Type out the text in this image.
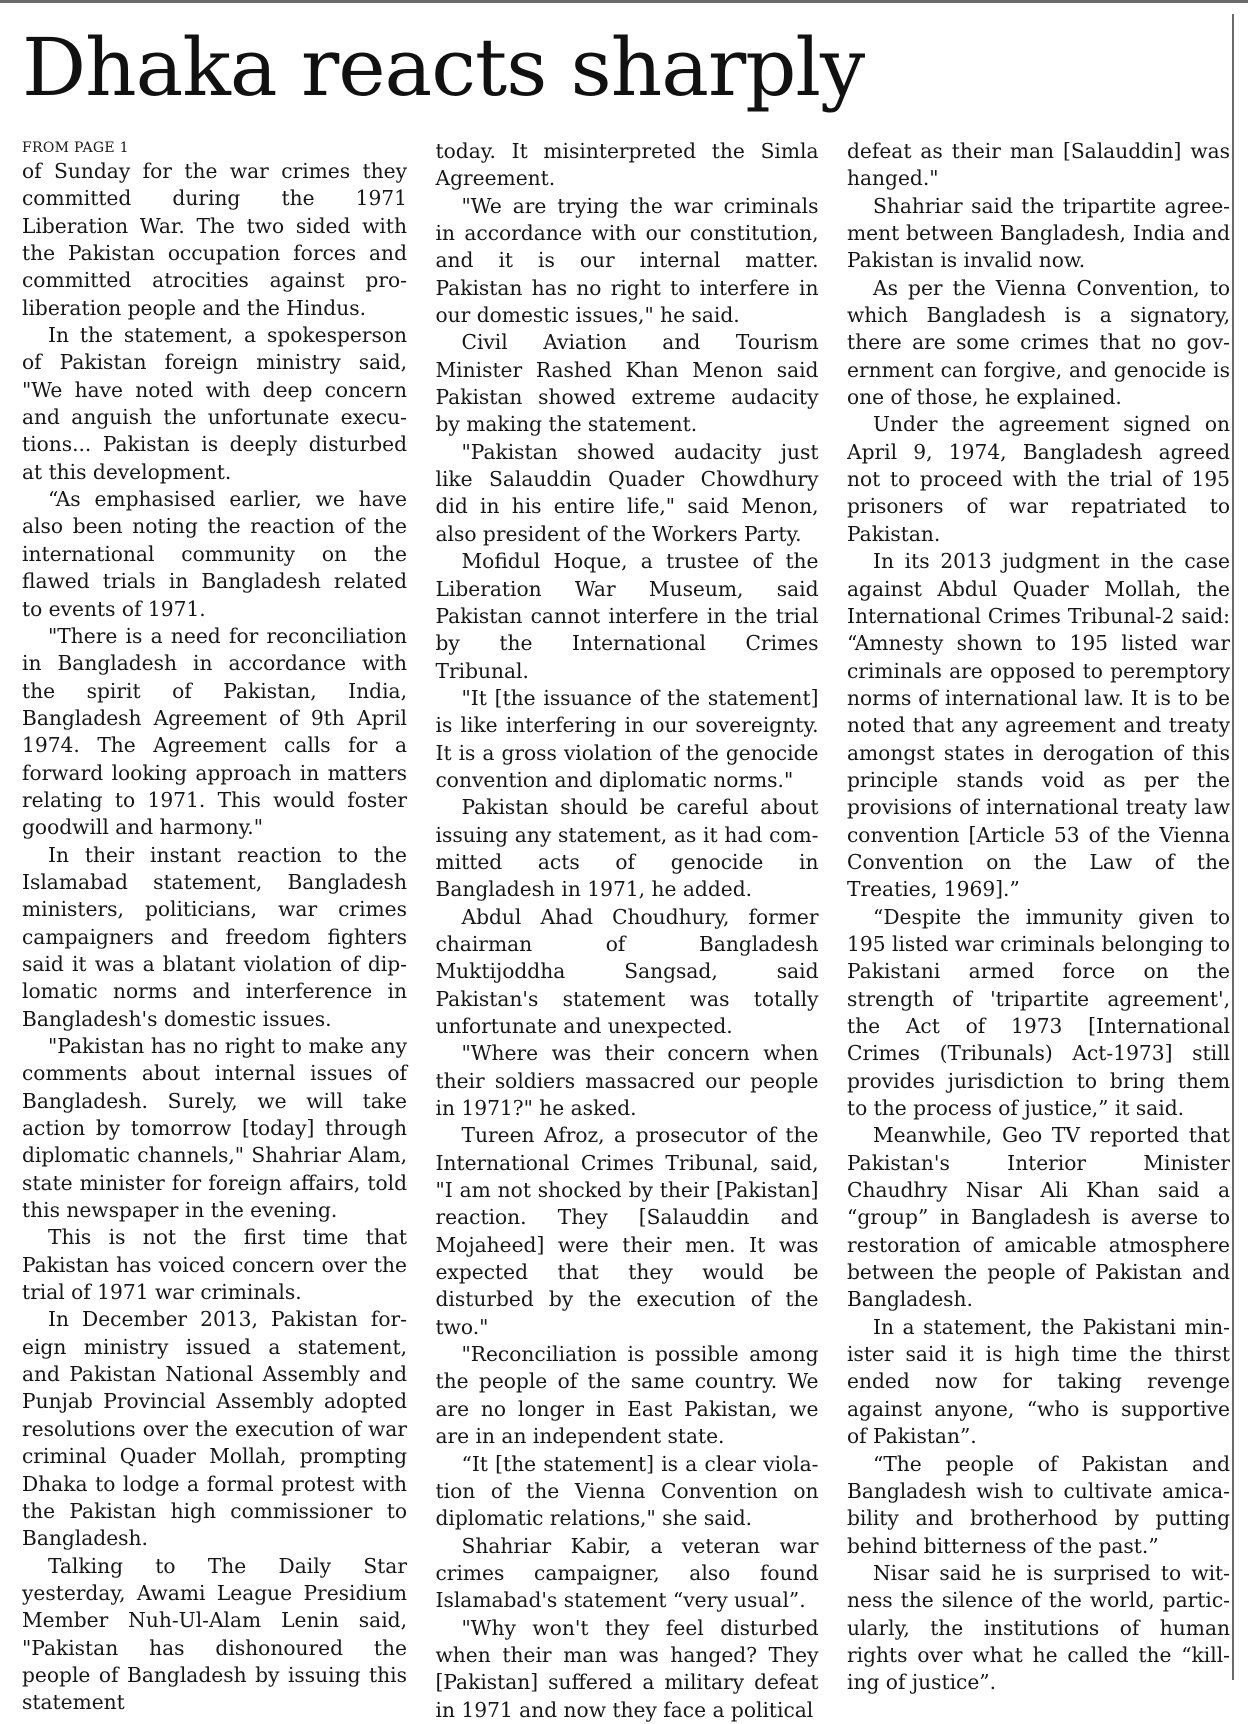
Dhaka reacts sharply
FROM PAGE 1

of Sunday for the war crimes they committed during the 1971 Liberation War. The two sided with the Pakistan occupation forces and committed atrocities against proliberation people and the Hindus.

In the statement, a spokesperson of Pakistan foreign ministry said, "We have noted with deep concern and anguish the unfortunate executions... Pakistan is deeply disturbed at this development.

“As emphasised earlier, we have also been noting the reaction of the international community on the flawed trials in Bangladesh related to events of 1971.

"There is a need for reconciliation in Bangladesh in accordance with the spirit of Pakistan, India, Bangladesh Agreement of 9th April 1974. The Agreement calls for a forward looking approach in matters relating to 1971. This would foster goodwill and harmony."

In their instant reaction to the Islamabad statement, Bangladesh ministers, politicians, war crimes campaigners and freedom fighters said it was a blatant violation of diplomatic norms and interference in Bangladesh's domestic issues.

"Pakistan has no right to make any comments about internal issues of Bangladesh. Surely, we will take action by tomorrow [today] through diplomatic channels," Shahriar Alam, state minister for foreign affairs, told this newspaper in the evening.

This is not the first time that Pakistan has voiced concern over the trial of 1971 war criminals.

In December 2013, Pakistan foreign ministry issued a statement, and Pakistan National Assembly and Punjab Provincial Assembly adopted resolutions over the execution of war criminal Quader Mollah, prompting Dhaka to lodge a formal protest with the Pakistan high commissioner to Bangladesh.

Talking to The Daily Star yesterday, Awami League Presidium Member Nuh-Ul-Alam Lenin said, "Pakistan has dishonoured the people of Bangladesh by issuing this statement

today. It misinterpreted the Simla Agreement.

"We are trying the war criminals in accordance with our constitution, and it is our internal matter. Pakistan has no right to interfere in our domestic issues," he said.

Civil Aviation and Tourism Minister Rashed Khan Menon said Pakistan showed extreme audacity by making the statement.

"Pakistan showed audacity just like Salauddin Quader Chowdhury did in his entire life," said Menon, also president of the Workers Party.

Mofidul Hoque, a trustee of the Liberation War Museum, said Pakistan cannot interfere in the trial by the International Crimes Tribunal.

"It [the issuance of the statement] is like interfering in our sovereignty. It is a gross violation of the genocide convention and diplomatic norms."

Pakistan should be careful about issuing any statement, as it had committed acts of genocide in Bangladesh in 1971, he added.

Abdul Ahad Choudhury, former chairman of Bangladesh Muktijoddha Sangsad, said Pakistan's statement was totally unfortunate and unexpected.

"Where was their concern when their soldiers massacred our people in 1971?" he asked.

Tureen Afroz, a prosecutor of the International Crimes Tribunal, said, "I am not shocked by their [Pakistan] reaction. They [Salauddin and Mojaheed] were their men. It was expected that they would be disturbed by the execution of the two."

"Reconciliation is possible among the people of the same country. We are no longer in East Pakistan, we are in an independent state.

“It [the statement] is a clear violation of the Vienna Convention on diplomatic relations," she said.

Shahriar Kabir, a veteran war crimes campaigner, also found Islamabad's statement “very usual”.

"Why won't they feel disturbed when their man was hanged? They [Pakistan] suffered a military defeat in 1971 and now they face a political

defeat as their man [Salauddin] was hanged."

Shahriar said the tripartite agreement between Bangladesh, India and Pakistan is invalid now.

As per the Vienna Convention, to which Bangladesh is a signatory, there are some crimes that no government can forgive, and genocide is one of those, he explained.

Under the agreement signed on April 9, 1974, Bangladesh agreed not to proceed with the trial of 195 prisoners of war repatriated to Pakistan.

In its 2013 judgment in the case against Abdul Quader Mollah, the International Crimes Tribunal-2 said: “Amnesty shown to 195 listed war criminals are opposed to peremptory norms of international law. It is to be noted that any agreement and treaty amongst states in derogation of this principle stands void as per the provisions of international treaty law convention [Article 53 of the Vienna Convention on the Law of the Treaties, 1969].”

“Despite the immunity given to 195 listed war criminals belonging to Pakistani armed force on the strength of 'tripartite agreement', the Act of 1973 [International Crimes (Tribunals) Act-1973] still provides jurisdiction to bring them to the process of justice,” it said.

Meanwhile, Geo TV reported that Pakistan's Interior Minister Chaudhry Nisar Ali Khan said a “group” in Bangladesh is averse to restoration of amicable atmosphere between the people of Pakistan and Bangladesh.

In a statement, the Pakistani minister said it is high time the thirst ended now for taking revenge against anyone, “who is supportive of Pakistan”.

“The people of Pakistan and Bangladesh wish to cultivate amicability and brotherhood by putting behind bitterness of the past.”

Nisar said he is surprised to witness the silence of the world, particularly, the institutions of human rights over what he called the “killing of justice”.
